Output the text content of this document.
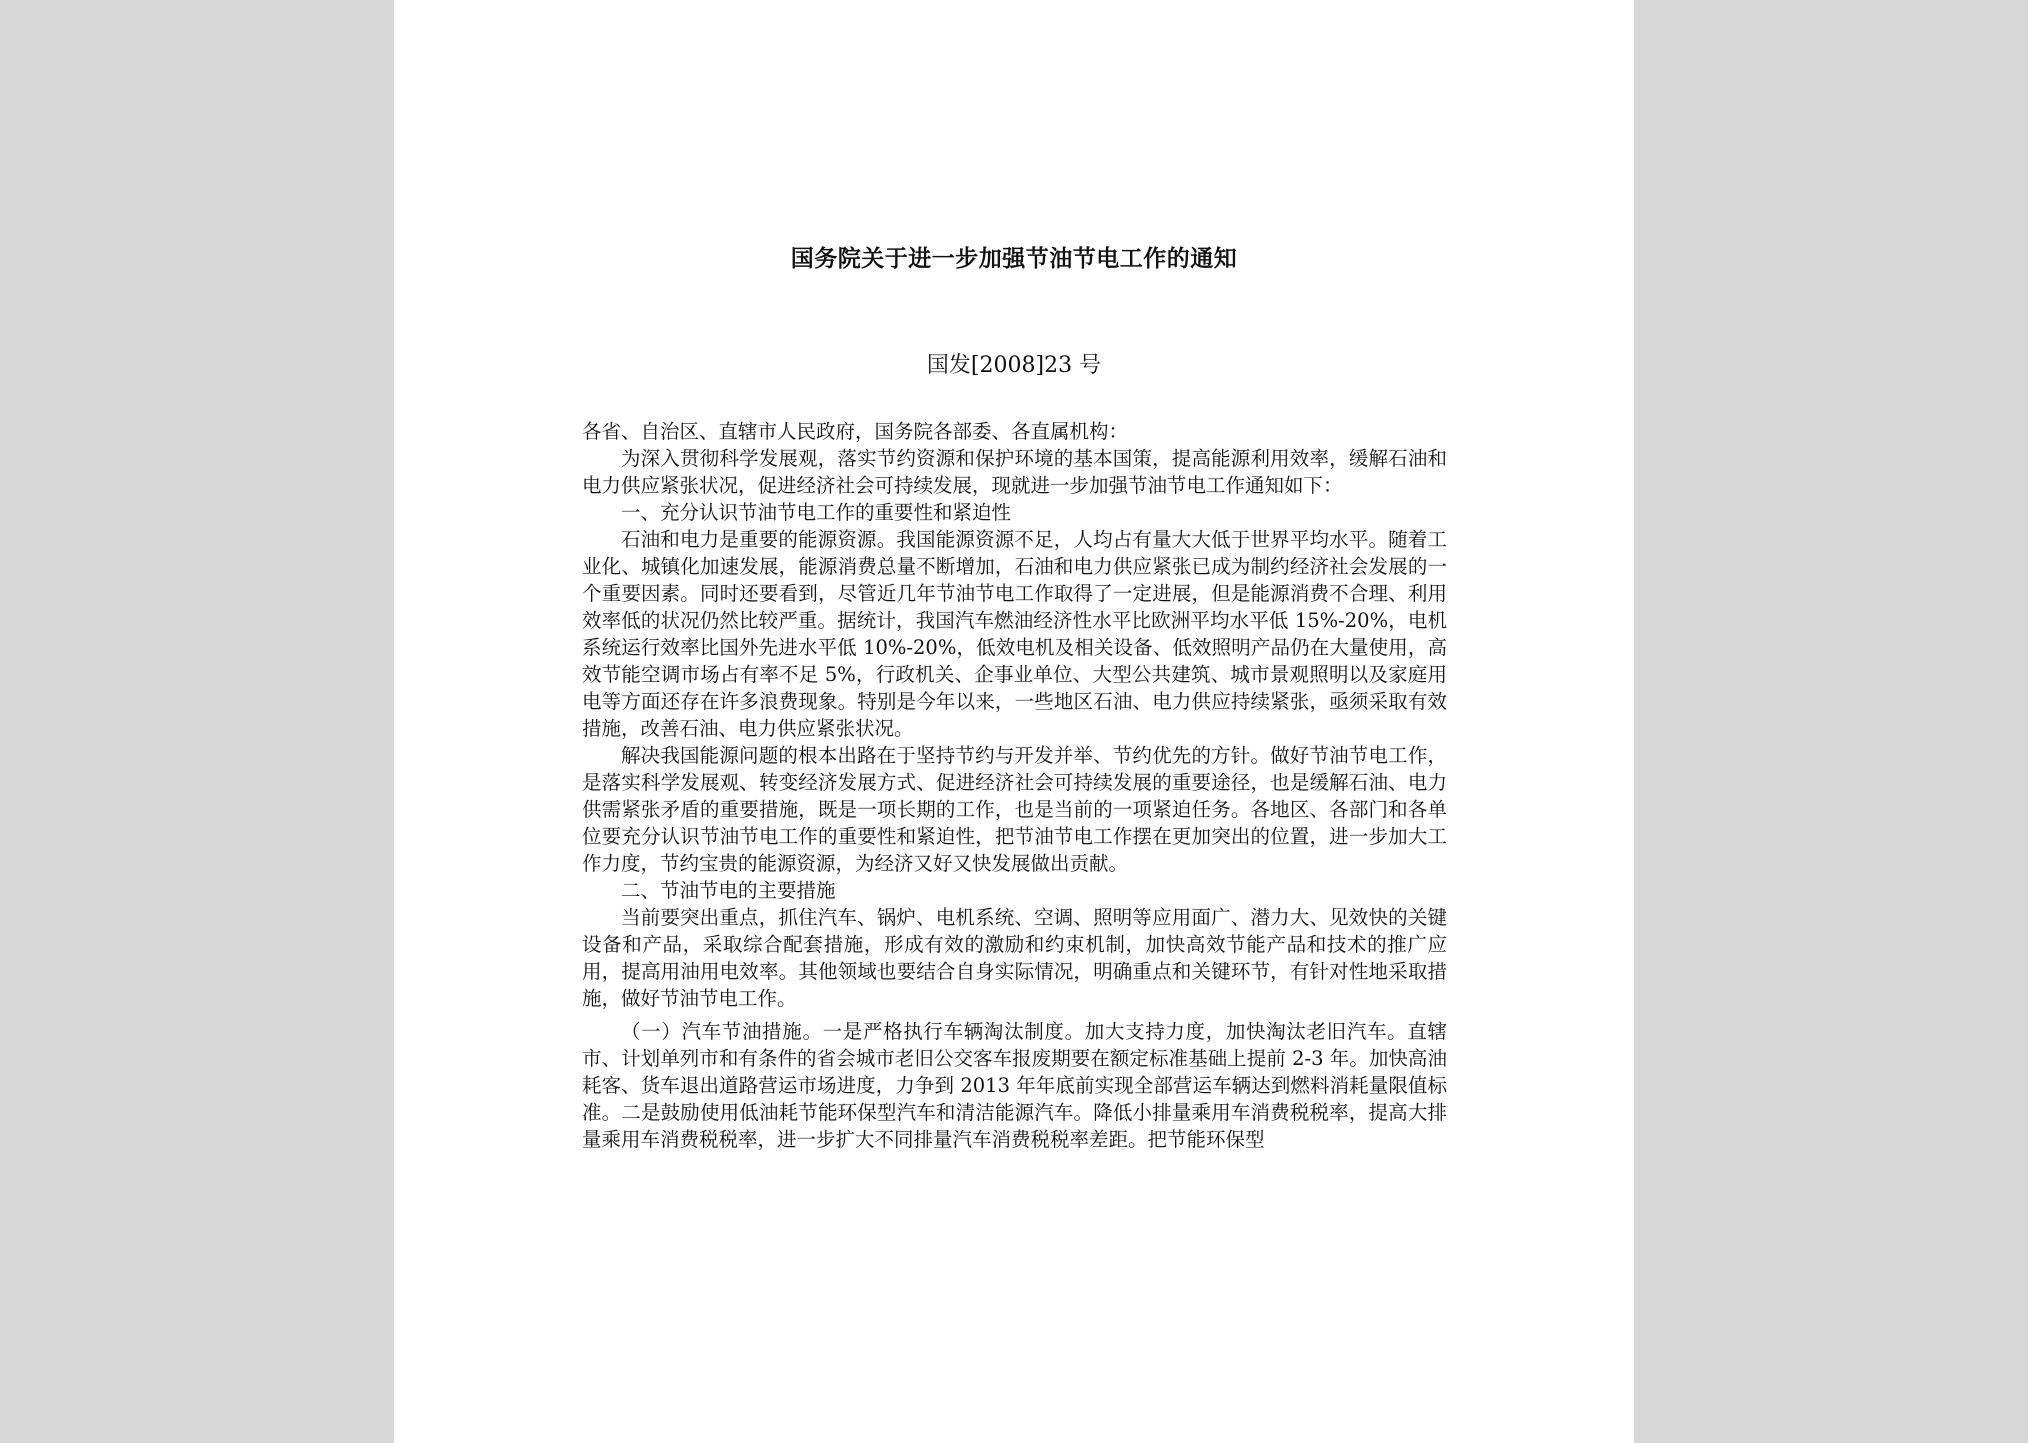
国务院关于进一步加强节油节电工作的通知
国发[2008]23 号

各省、自治区、直辖市人民政府，国务院各部委、各直属机构：

为深入贯彻科学发展观，落实节约资源和保护环境的基本国策，提高能源利用效率，缓解石油和电力供应紧张状况，促进经济社会可持续发展，现就进一步加强节油节电工作通知如下：

一、充分认识节油节电工作的重要性和紧迫性

石油和电力是重要的能源资源。我国能源资源不足，人均占有量大大低于世界平均水平。随着工业化、城镇化加速发展，能源消费总量不断增加，石油和电力供应紧张已成为制约经济社会发展的一个重要因素。同时还要看到，尽管近几年节油节电工作取得了一定进展，但是能源消费不合理、利用效率低的状况仍然比较严重。据统计，我国汽车燃油经济性水平比欧洲平均水平低 15%-20%，电机系统运行效率比国外先进水平低 10%-20%，低效电机及相关设备、低效照明产品仍在大量使用，高效节能空调市场占有率不足 5%，行政机关、企事业单位、大型公共建筑、城市景观照明以及家庭用电等方面还存在许多浪费现象。特别是今年以来，一些地区石油、电力供应持续紧张，亟须采取有效措施，改善石油、电力供应紧张状况。

解决我国能源问题的根本出路在于坚持节约与开发并举、节约优先的方针。做好节油节电工作，是落实科学发展观、转变经济发展方式、促进经济社会可持续发展的重要途径，也是缓解石油、电力供需紧张矛盾的重要措施，既是一项长期的工作，也是当前的一项紧迫任务。各地区、各部门和各单位要充分认识节油节电工作的重要性和紧迫性，把节油节电工作摆在更加突出的位置，进一步加大工作力度，节约宝贵的能源资源，为经济又好又快发展做出贡献。

二、节油节电的主要措施

当前要突出重点，抓住汽车、锅炉、电机系统、空调、照明等应用面广、潜力大、见效快的关键设备和产品，采取综合配套措施，形成有效的激励和约束机制，加快高效节能产品和技术的推广应用，提高用油用电效率。其他领域也要结合自身实际情况，明确重点和关键环节，有针对性地采取措施，做好节油节电工作。

（一）汽车节油措施。一是严格执行车辆淘汰制度。加大支持力度，加快淘汰老旧汽车。直辖市、计划单列市和有条件的省会城市老旧公交客车报废期要在额定标准基础上提前 2-3 年。加快高油耗客、货车退出道路营运市场进度，力争到 2013 年年底前实现全部营运车辆达到燃料消耗量限值标准。二是鼓励使用低油耗节能环保型汽车和清洁能源汽车。降低小排量乘用车消费税税率，提高大排量乘用车消费税税率，进一步扩大不同排量汽车消费税税率差距。把节能环保型
